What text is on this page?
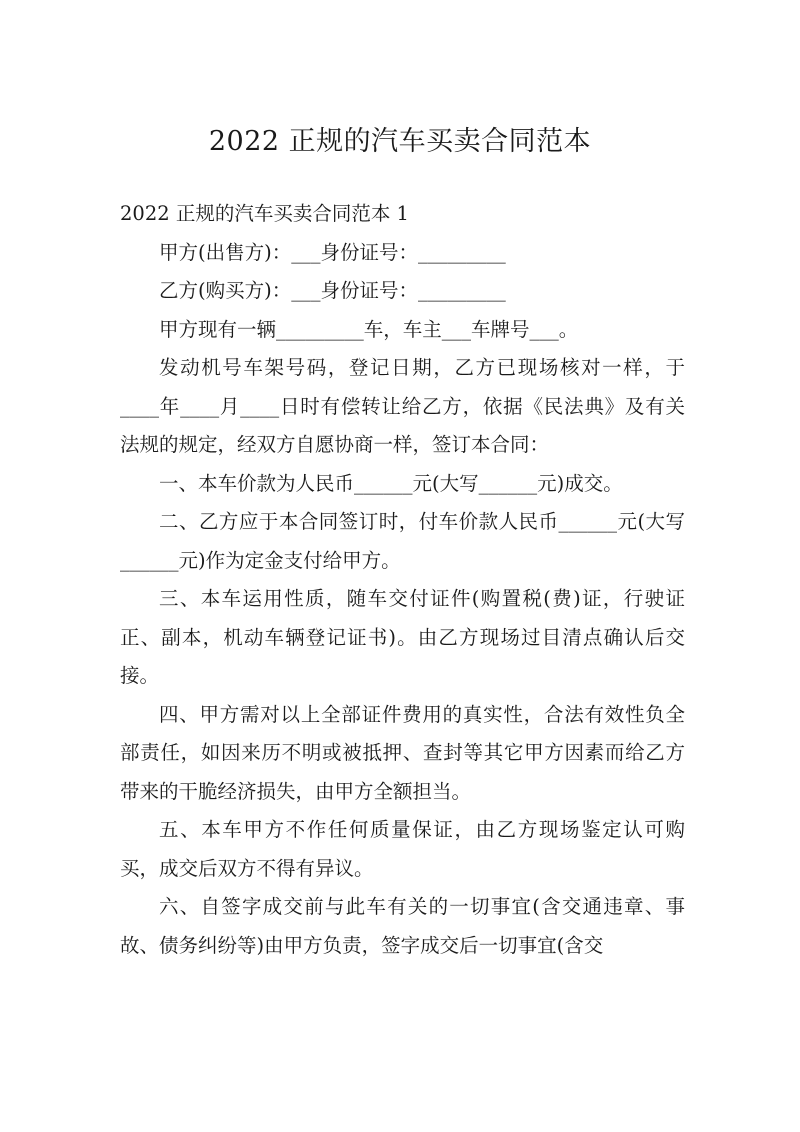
2022 正规的汽车买卖合同范本

2022 正规的汽车买卖合同范本 1

甲方(出售方)：___身份证号：_________

乙方(购买方)：___身份证号：_________

甲方现有一辆_________车，车主___车牌号___。

发动机号车架号码，登记日期，乙方已现场核对一样，于____年____月____日时有偿转让给乙方，依据《民法典》及有关法规的规定，经双方自愿协商一样，签订本合同：

一、本车价款为人民币______元(大写______元)成交。

二、乙方应于本合同签订时，付车价款人民币______元(大写______元)作为定金支付给甲方。

三、本车运用性质，随车交付证件(购置税(费)证，行驶证正、副本，机动车辆登记证书)。由乙方现场过目清点确认后交接。

四、甲方需对以上全部证件费用的真实性，合法有效性负全部责任，如因来历不明或被抵押、查封等其它甲方因素而给乙方带来的干脆经济损失，由甲方全额担当。

五、本车甲方不作任何质量保证，由乙方现场鉴定认可购买，成交后双方不得有异议。

六、自签字成交前与此车有关的一切事宜(含交通违章、事故、债务纠纷等)由甲方负责，签字成交后一切事宜(含交
